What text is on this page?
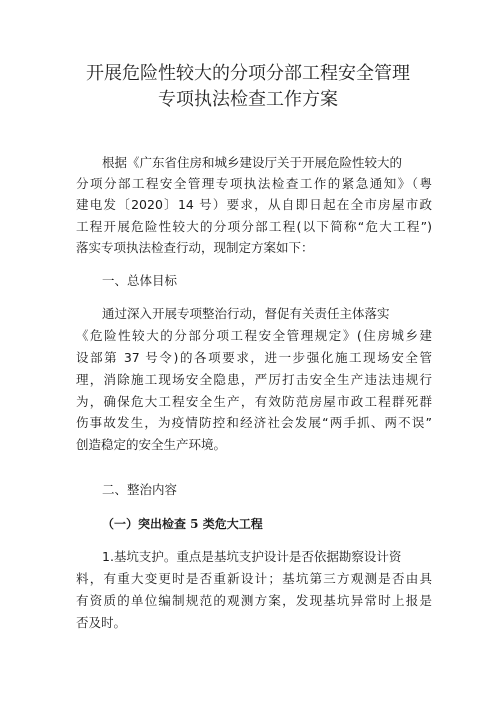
开展危险性较大的分项分部工程安全管理
专项执法检查工作方案
根据《广东省住房和城乡建设厅关于开展危险性较大的
分项分部工程安全管理专项执法检查工作的紧急通知》（粤
建电发〔2020〕14 号）要求，从自即日起在全市房屋市政
工程开展危险性较大的分项分部工程(以下简称“危大工程”)
落实专项执法检查行动，现制定方案如下：
一、总体目标
通过深入开展专项整治行动，督促有关责任主体落实
《危险性较大的分部分项工程安全管理规定》(住房城乡建
设部第 37 号令)的各项要求，进一步强化施工现场安全管
理，消除施工现场安全隐患，严厉打击安全生产违法违规行
为，确保危大工程安全生产，有效防范房屋市政工程群死群
伤事故发生，为疫情防控和经济社会发展“两手抓、两不误”
创造稳定的安全生产环境。
二、整治内容
（一）突出检查 5 类危大工程
1.基坑支护。重点是基坑支护设计是否依据勘察设计资
料，有重大变更时是否重新设计；基坑第三方观测是否由具
有资质的单位编制规范的观测方案，发现基坑异常时上报是
否及时。
